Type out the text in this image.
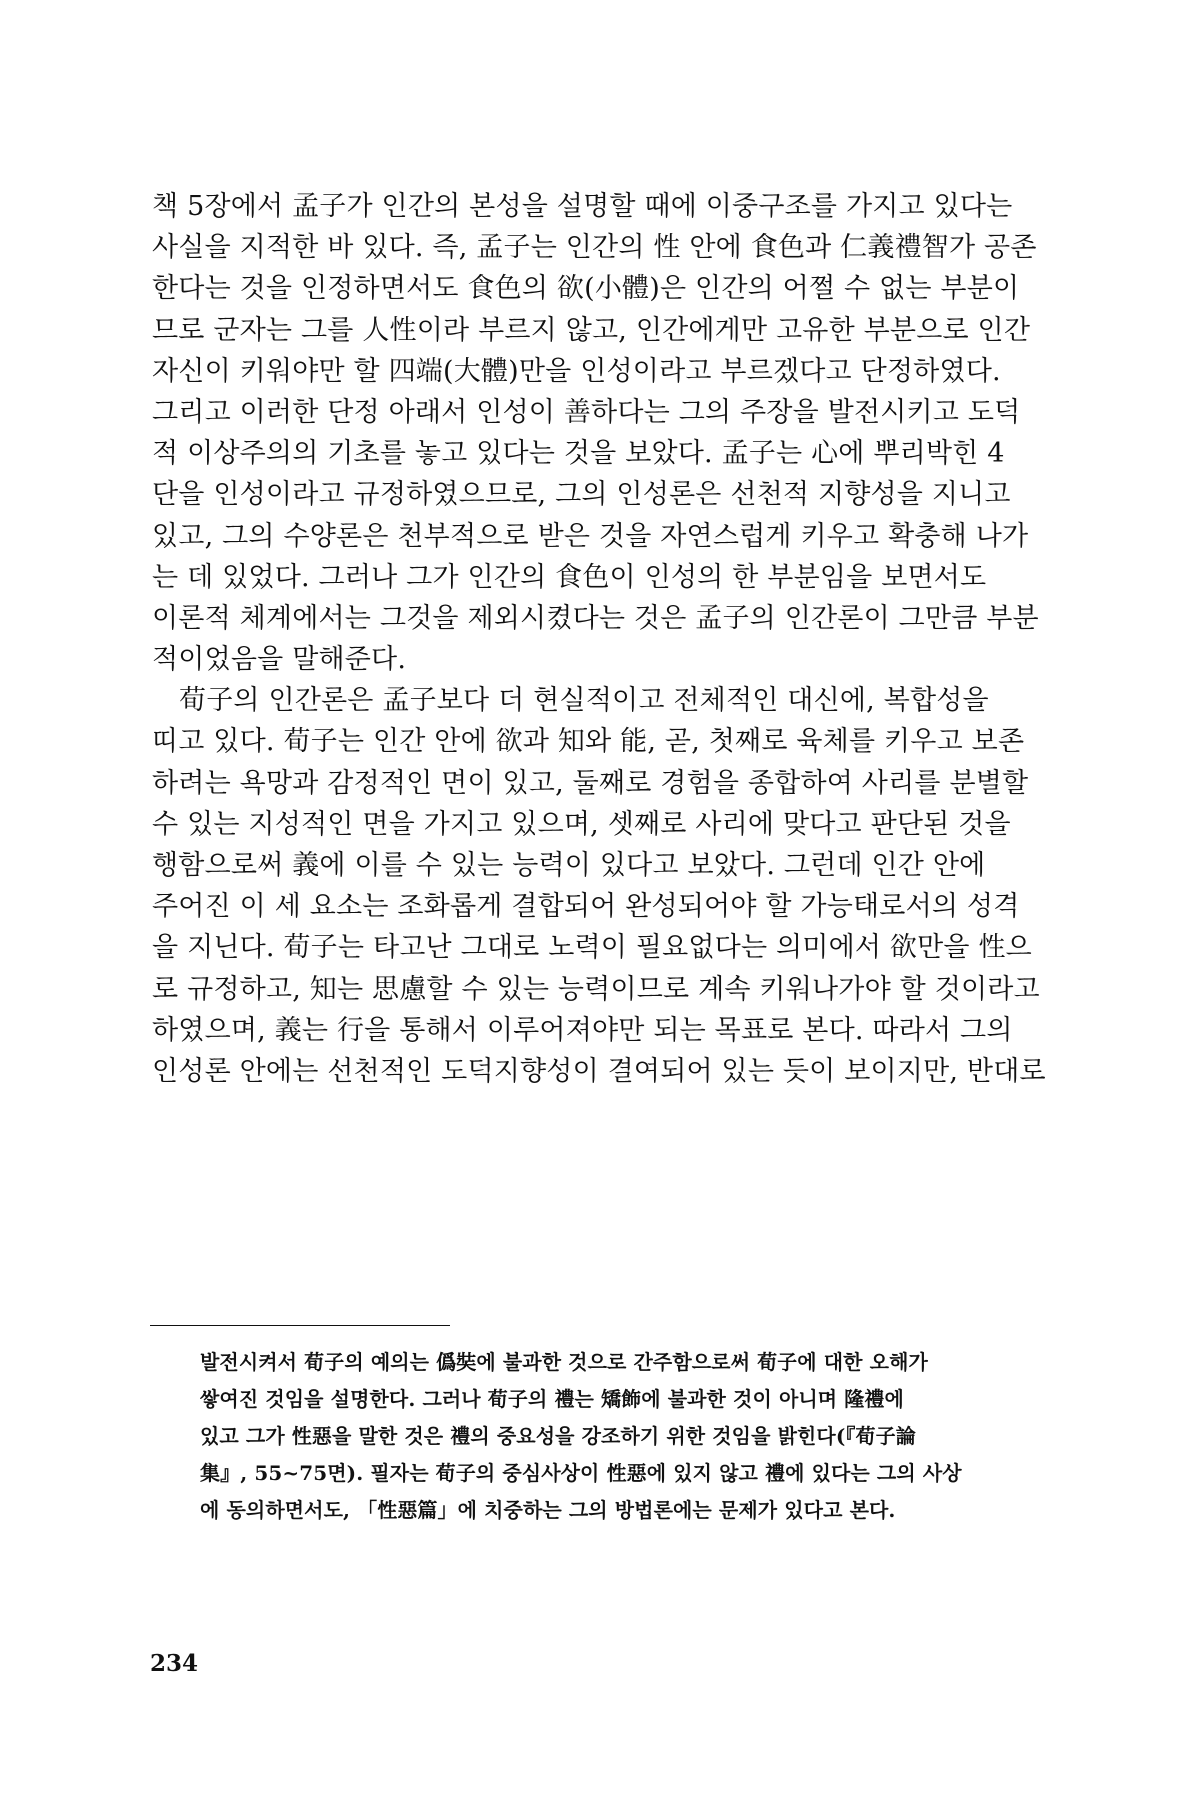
책 5장에서 孟子가 인간의 본성을 설명할 때에 이중구조를 가지고 있다는
사실을 지적한 바 있다. 즉, 孟子는 인간의 性 안에 食色과 仁義禮智가 공존
한다는 것을 인정하면서도 食色의 欲(小體)은 인간의 어쩔 수 없는 부분이
므로 군자는 그를 人性이라 부르지 않고, 인간에게만 고유한 부분으로 인간
자신이 키워야만 할 四端(大體)만을 인성이라고 부르겠다고 단정하였다.
그리고 이러한 단정 아래서 인성이 善하다는 그의 주장을 발전시키고 도덕
적 이상주의의 기초를 놓고 있다는 것을 보았다. 孟子는 心에 뿌리박힌 4
단을 인성이라고 규정하였으므로, 그의 인성론은 선천적 지향성을 지니고
있고, 그의 수양론은 천부적으로 받은 것을 자연스럽게 키우고 확충해 나가
는 데 있었다. 그러나 그가 인간의 食色이 인성의 한 부분임을 보면서도
이론적 체계에서는 그것을 제외시켰다는 것은 孟子의 인간론이 그만큼 부분
적이었음을 말해준다.
荀子의 인간론은 孟子보다 더 현실적이고 전체적인 대신에, 복합성을
띠고 있다. 荀子는 인간 안에 欲과 知와 能, 곧, 첫째로 육체를 키우고 보존
하려는 욕망과 감정적인 면이 있고, 둘째로 경험을 종합하여 사리를 분별할
수 있는 지성적인 면을 가지고 있으며, 셋째로 사리에 맞다고 판단된 것을
행함으로써 義에 이를 수 있는 능력이 있다고 보았다. 그런데 인간 안에
주어진 이 세 요소는 조화롭게 결합되어 완성되어야 할 가능태로서의 성격
을 지닌다. 荀子는 타고난 그대로 노력이 필요없다는 의미에서 欲만을 性으
로 규정하고, 知는 思慮할 수 있는 능력이므로 계속 키워나가야 할 것이라고
하였으며, 義는 行을 통해서 이루어져야만 되는 목표로 본다. 따라서 그의
인성론 안에는 선천적인 도덕지향성이 결여되어 있는 듯이 보이지만, 반대로
발전시켜서 荀子의 예의는 僞奘에 불과한 것으로 간주함으로써 荀子에 대한 오해가
쌓여진 것임을 설명한다. 그러나 荀子의 禮는 矯飾에 불과한 것이 아니며 隆禮에
있고 그가 性惡을 말한 것은 禮의 중요성을 강조하기 위한 것임을 밝힌다(『荀子論
集』, 55~75면). 필자는 荀子의 중심사상이 性惡에 있지 않고 禮에 있다는 그의 사상
에 동의하면서도, 「性惡篇」에 치중하는 그의 방법론에는 문제가 있다고 본다.
234
